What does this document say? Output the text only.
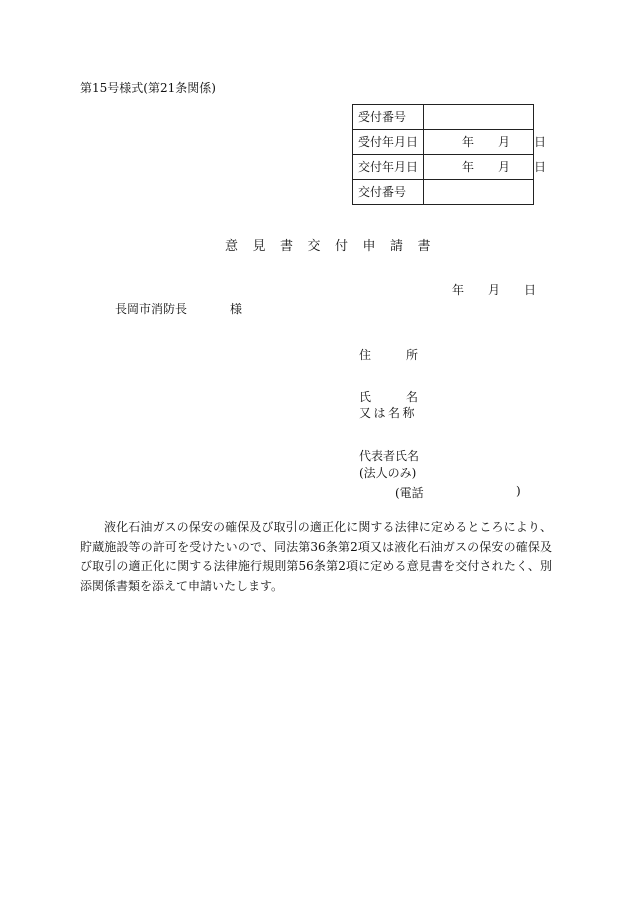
第15号様式(第21条関係)
受付番号	
受付年月日	年 月 日

交付年月日	年 月 日

交付番号	
意見書交付申請書
年 月 日
長岡市消防長	様
住	所
氏	名
又は名称
代表者氏名
(法人のみ)
(電話	)

液化石油ガスの保安の確保及び取引の適正化に関する法律に定めるところにより、貯蔵施設等の許可を受けたいので、同法第36条第2項又は液化石油ガスの保安の確保及び取引の適正化に関する法律施行規則第56条第2項に定める意見書を交付されたく、別添関係書類を添えて申請いたします。
